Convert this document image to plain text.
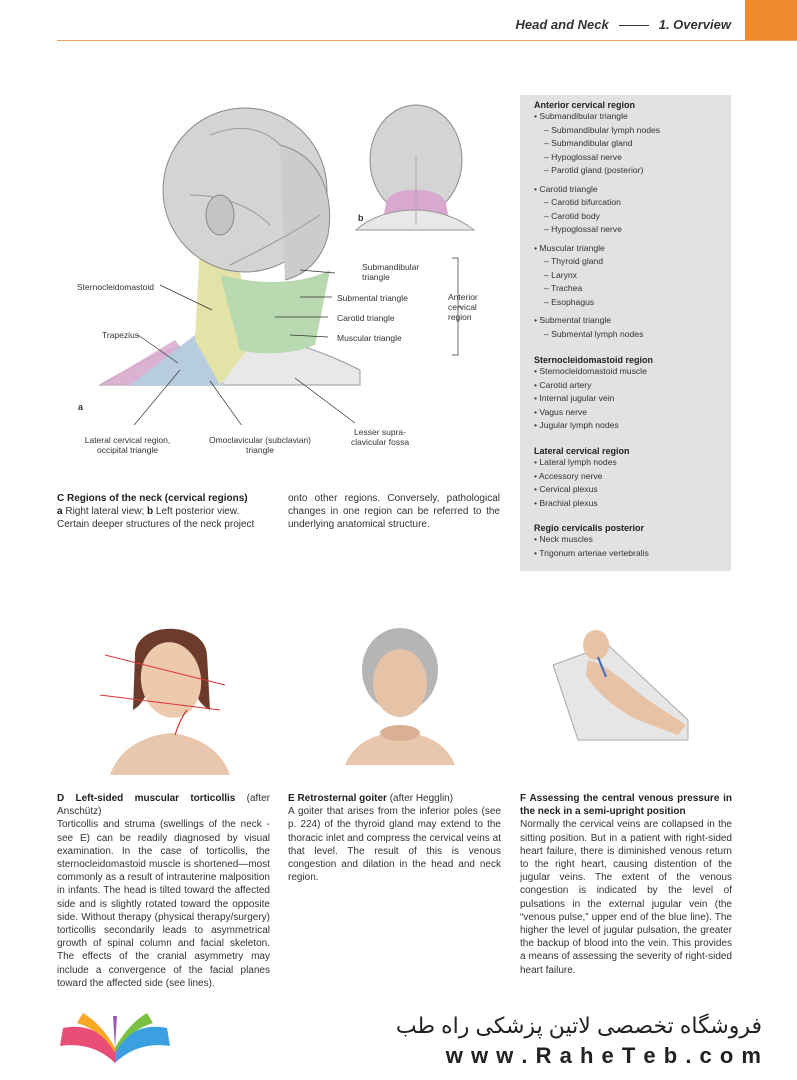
Head and Neck	1. Overview
Sternocleidomastoid
Trapezius
Submandibular triangle
Submental triangle
Carotid triangle
Muscular triangle
Anterior cervical region
Lateral cervical region, occipital triangle
Omoclavicular (subclavian) triangle
Lesser supra-clavicular fossa
a
b
C Regions of the neck (cervical regions)
a Right lateral view; b Left posterior view.
Certain deeper structures of the neck project
onto other regions. Conversely, pathological changes in one region can be referred to the underlying anatomical structure.
Anterior cervical region
• Submandibular triangle
– Submandibular lymph nodes
– Submandibular gland
– Hypoglossal nerve
– Parotid gland (posterior)
• Carotid triangle
– Carotid bifurcation
– Carotid body
– Hypoglossal nerve
• Muscular triangle
– Thyroid gland
– Larynx
– Trachea
– Esophagus
• Submental triangle
– Submental lymph nodes
Sternocleidomastoid region
• Sternocleidomastoid muscle
• Carotid artery
• Internal jugular vein
• Vagus nerve
• Jugular lymph nodes
Lateral cervical region
• Lateral lymph nodes
• Accessory nerve
• Cervical plexus
• Brachial plexus
Regio cervicalis posterior
• Neck muscles
• Trigonum arteriae vertebralis
D Left-sided muscular torticollis (after Anschütz)
Torticollis and struma (swellings of the neck - see E) can be readily diagnosed by visual examination. In the case of torticollis, the sternocleidomastoid muscle is shortened—most commonly as a result of intrauterine malposition in infants. The head is tilted toward the affected side and is slightly rotated toward the opposite side. Without therapy (physical therapy/surgery) torticollis secondarily leads to asymmetrical growth of spinal column and facial skeleton. The effects of the cranial asymmetry may include a convergence of the facial planes toward the affected side (see lines).
E Retrosternal goiter (after Hegglin)
A goiter that arises from the inferior poles (see p. 224) of the thyroid gland may extend to the thoracic inlet and compress the cervical veins at that level. The result of this is venous congestion and dilation in the head and neck region.
F Assessing the central venous pressure in the neck in a semi-upright position
Normally the cervical veins are collapsed in the sitting position. But in a patient with right-sided heart failure, there is diminished venous return to the right heart, causing distention of the jugular veins. The extent of the venous congestion is indicated by the level of pulsations in the external jugular vein (the “venous pulse,” upper end of the blue line). The higher the level of jugular pulsation, the greater the backup of blood into the vein. This provides a means of assessing the severity of right-sided heart failure.
فروشگاه تخصصی لاتین پزشکی راه طب
w w w . R a h e T e b . c o m
